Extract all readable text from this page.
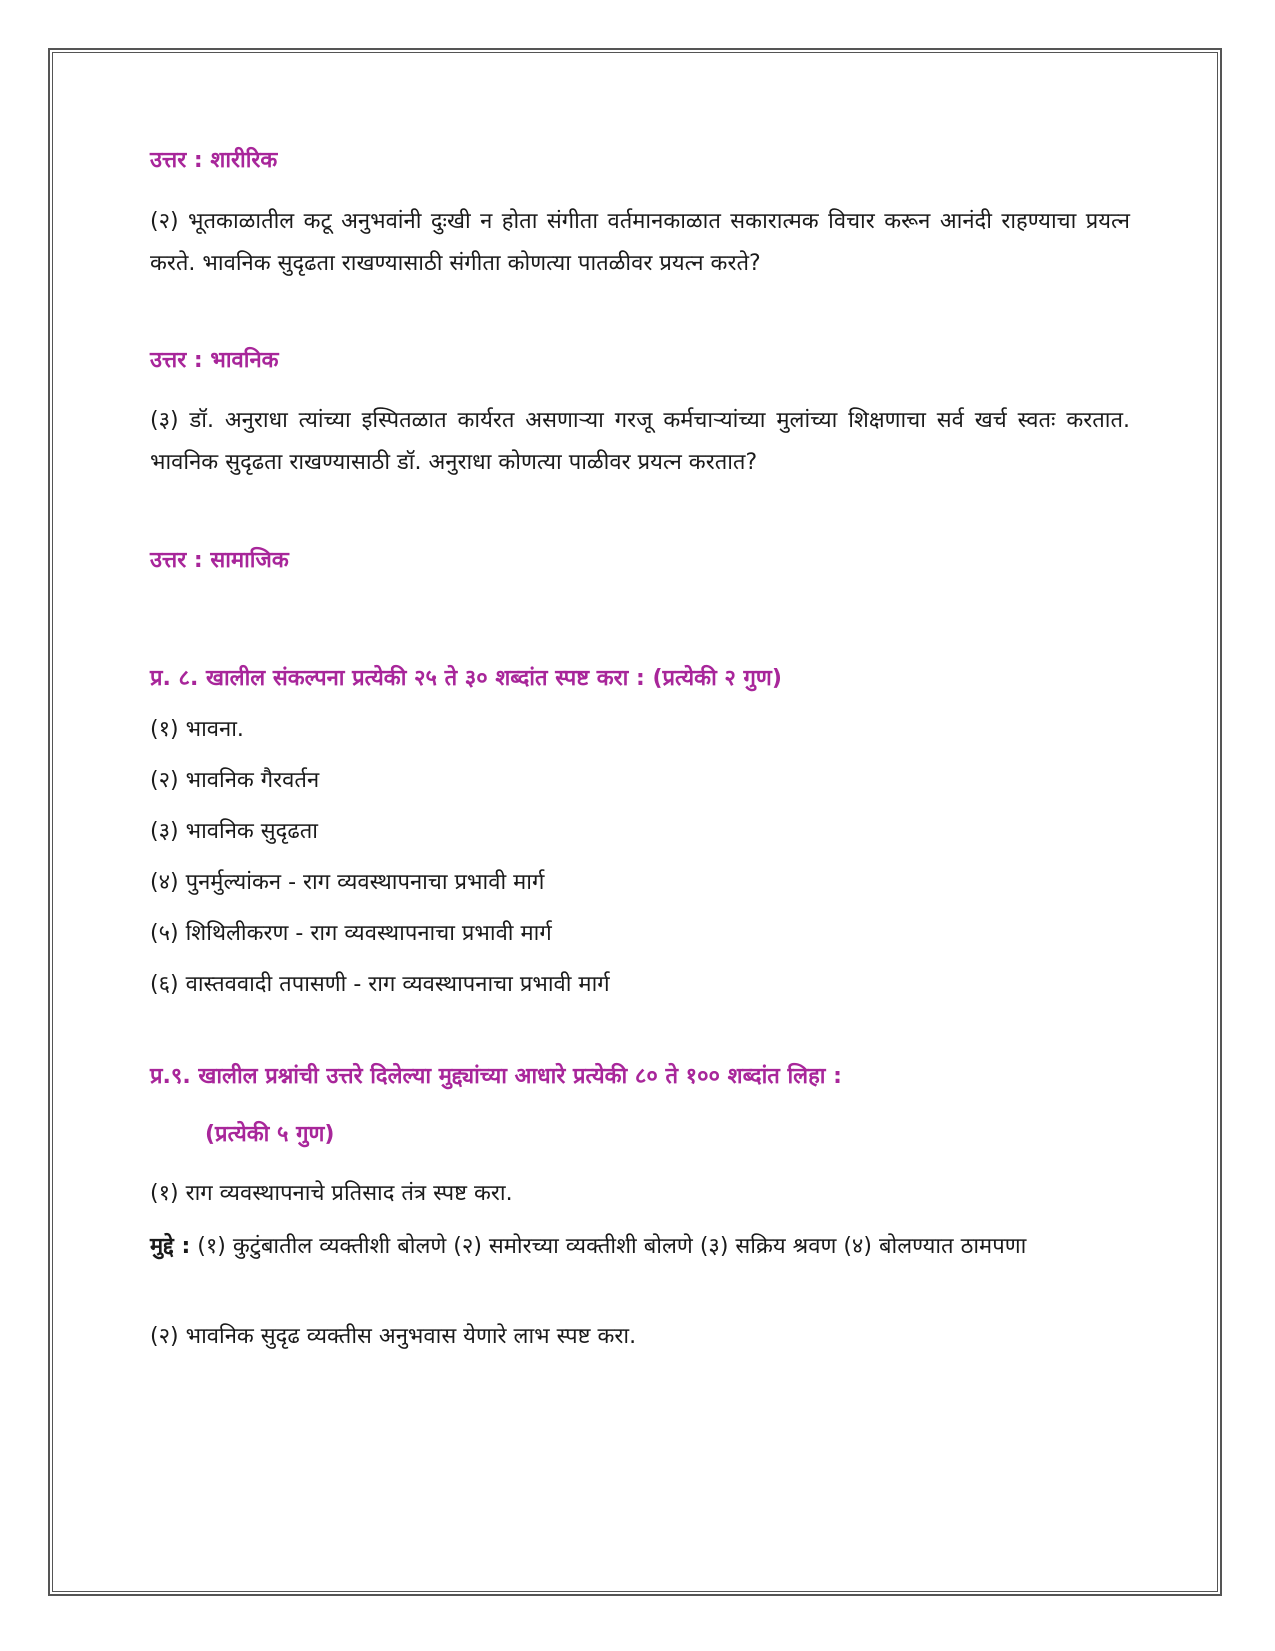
उत्तर : शारीरिक
(२) भूतकाळातील कटू अनुभवांनी दुःखी न होता संगीता वर्तमानकाळात सकारात्मक विचार करून आनंदी राहण्याचा प्रयत्न करते. भावनिक सुदृढता राखण्यासाठी संगीता कोणत्या पातळीवर प्रयत्न करते?
उत्तर : भावनिक
(३) डॉ. अनुराधा त्यांच्या इस्पितळात कार्यरत असणाऱ्या गरजू कर्मचाऱ्यांच्या मुलांच्या शिक्षणाचा सर्व खर्च स्वतः करतात. भावनिक सुदृढता राखण्यासाठी डॉ. अनुराधा कोणत्या पाळीवर प्रयत्न करतात?
उत्तर : सामाजिक
प्र. ८. खालील संकल्पना प्रत्येकी २५ ते ३० शब्दांत स्पष्ट करा : (प्रत्येकी २ गुण)
(१) भावना.
(२) भावनिक गैरवर्तन
(३) भावनिक सुदृढता
(४) पुनर्मुल्यांकन - राग व्यवस्थापनाचा प्रभावी मार्ग
(५) शिथिलीकरण - राग व्यवस्थापनाचा प्रभावी मार्ग
(६) वास्तववादी तपासणी - राग व्यवस्थापनाचा प्रभावी मार्ग
प्र.९. खालील प्रश्नांची उत्तरे दिलेल्या मुद्द्यांच्या आधारे प्रत्येकी ८० ते १०० शब्दांत लिहा :
(प्रत्येकी ५ गुण)
(१) राग व्यवस्थापनाचे प्रतिसाद तंत्र स्पष्ट करा.
मुद्दे : (१) कुटुंबातील व्यक्तीशी बोलणे (२) समोरच्या व्यक्तीशी बोलणे (३) सक्रिय श्रवण (४) बोलण्यात ठामपणा
(२) भावनिक सुदृढ व्यक्तीस अनुभवास येणारे लाभ स्पष्ट करा.
